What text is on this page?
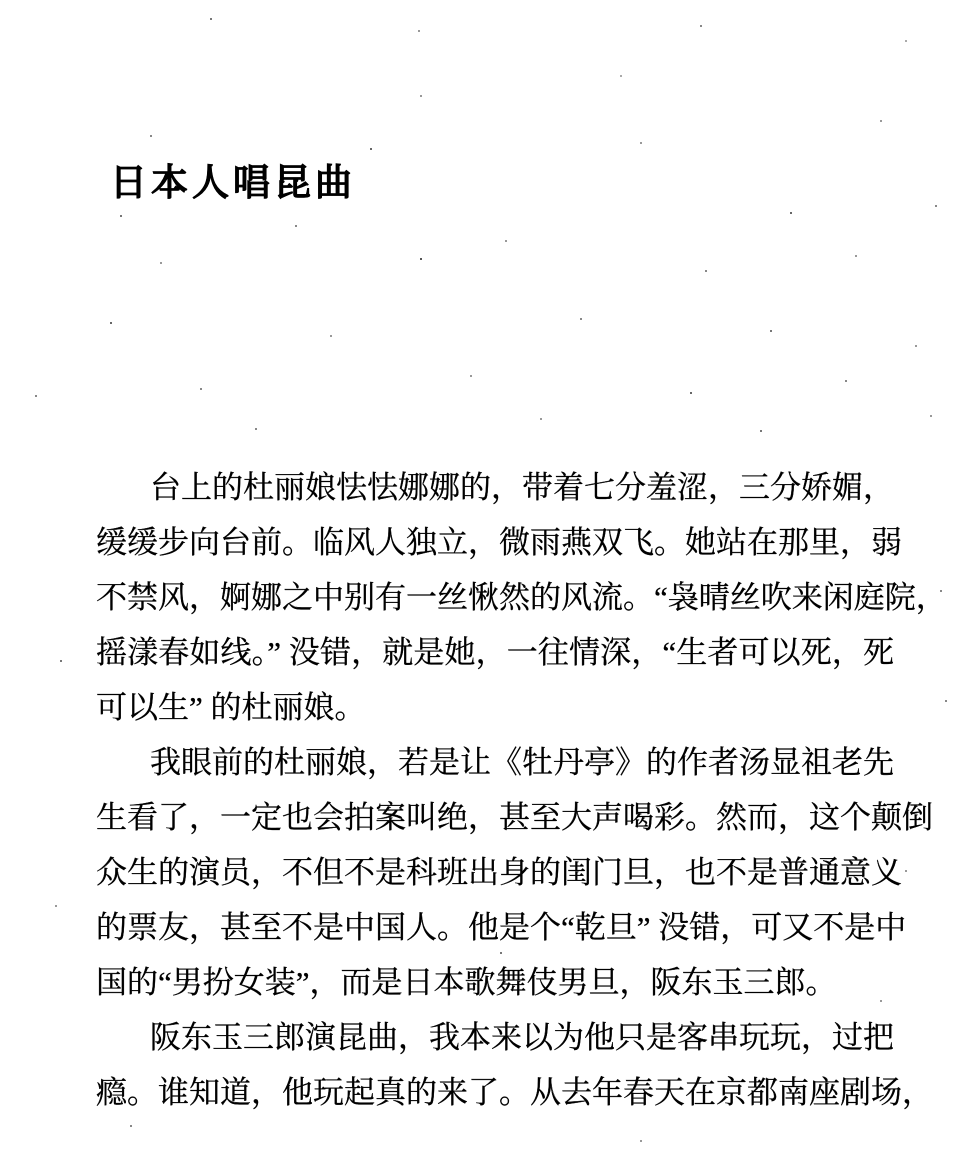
日本人唱昆曲
台上的杜丽娘怯怯娜娜的，带着七分羞涩，三分娇媚，
缓缓步向台前。临风人独立，微雨燕双飞。她站在那里，弱
不禁风，婀娜之中别有一丝愀然的风流。“袅晴丝吹来闲庭院，
摇漾春如线。” 没错，就是她，一往情深，“生者可以死，死
可以生” 的杜丽娘。
我眼前的杜丽娘，若是让《牡丹亭》的作者汤显祖老先
生看了，一定也会拍案叫绝，甚至大声喝彩。然而，这个颠倒
众生的演员，不但不是科班出身的闺门旦，也不是普通意义
的票友，甚至不是中国人。他是个“乾旦” 没错，可又不是中
国的“男扮女装”，而是日本歌舞伎男旦，阪东玉三郎。
阪东玉三郎演昆曲，我本来以为他只是客串玩玩，过把
瘾。谁知道，他玩起真的来了。从去年春天在京都南座剧场，
